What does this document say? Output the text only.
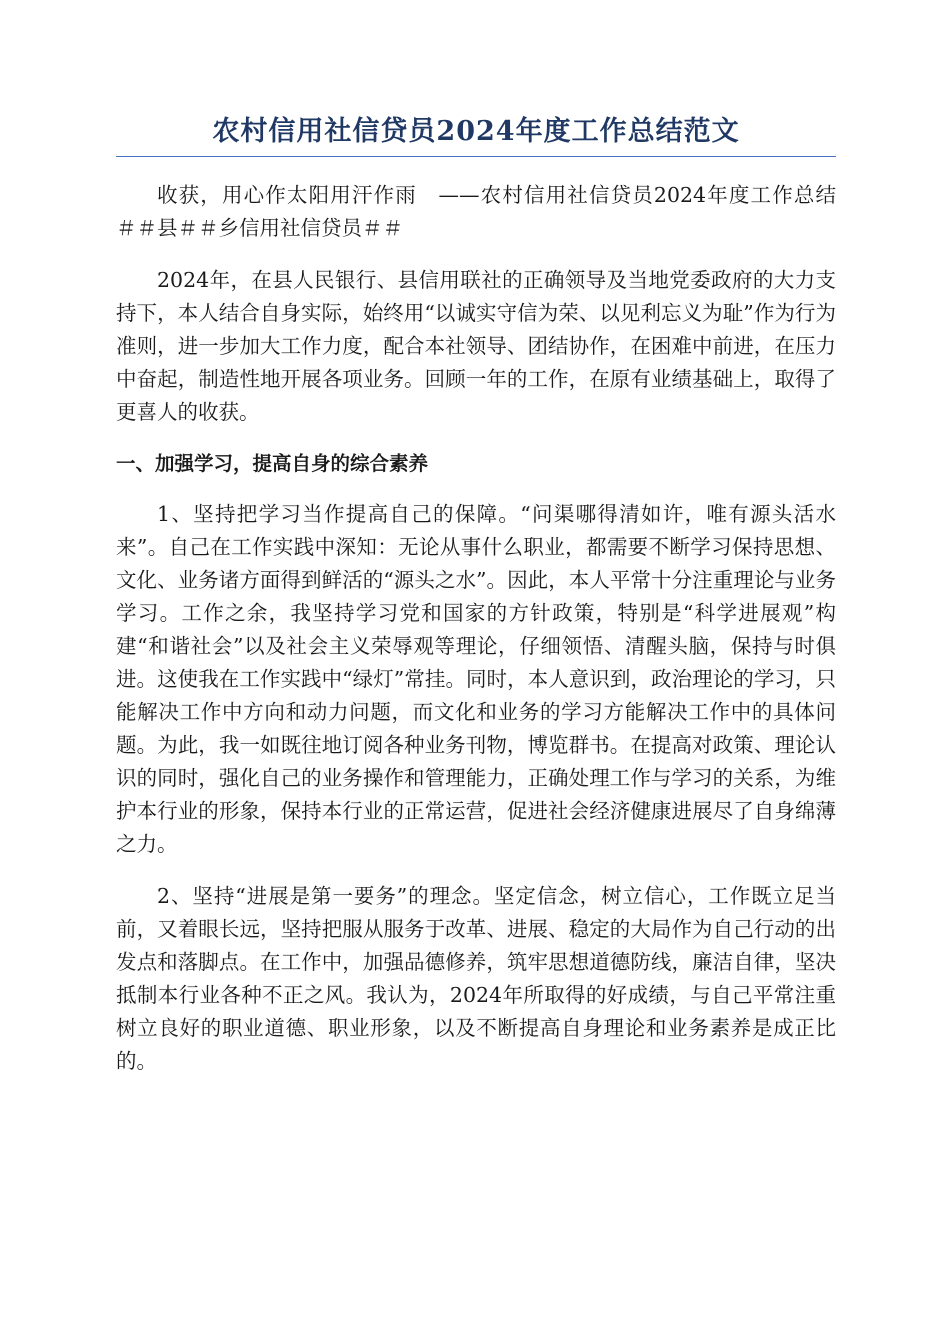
农村信用社信贷员2024年度工作总结范文

收获，用心作太阳用汗作雨　——农村信用社信贷员2024年度工作总结　＃＃县＃＃乡信用社信贷员＃＃

2024年，在县人民银行、县信用联社的正确领导及当地党委政府的大力支持下，本人结合自身实际，始终用“以诚实守信为荣、以见利忘义为耻”作为行为准则，进一步加大工作力度，配合本社领导、团结协作，在困难中前进，在压力中奋起，制造性地开展各项业务。回顾一年的工作，在原有业绩基础上，取得了更喜人的收获。

一、加强学习，提高自身的综合素养

1、坚持把学习当作提高自己的保障。“问渠哪得清如许，唯有源头活水来”。自己在工作实践中深知：无论从事什么职业，都需要不断学习保持思想、文化、业务诸方面得到鲜活的“源头之水”。因此，本人平常十分注重理论与业务学习。工作之余，我坚持学习党和国家的方针政策，特别是“科学进展观”构建“和谐社会”以及社会主义荣辱观等理论，仔细领悟、清醒头脑，保持与时俱进。这使我在工作实践中“绿灯”常挂。同时，本人意识到，政治理论的学习，只能解决工作中方向和动力问题，而文化和业务的学习方能解决工作中的具体问题。为此，我一如既往地订阅各种业务刊物，博览群书。在提高对政策、理论认识的同时，强化自己的业务操作和管理能力，正确处理工作与学习的关系，为维护本行业的形象，保持本行业的正常运营，促进社会经济健康进展尽了自身绵薄之力。

2、坚持“进展是第一要务”的理念。坚定信念，树立信心，工作既立足当前，又着眼长远，坚持把服从服务于改革、进展、稳定的大局作为自己行动的出发点和落脚点。在工作中，加强品德修养，筑牢思想道德防线，廉洁自律，坚决抵制本行业各种不正之风。我认为，2024年所取得的好成绩，与自己平常注重树立良好的职业道德、职业形象，以及不断提高自身理论和业务素养是成正比的。
